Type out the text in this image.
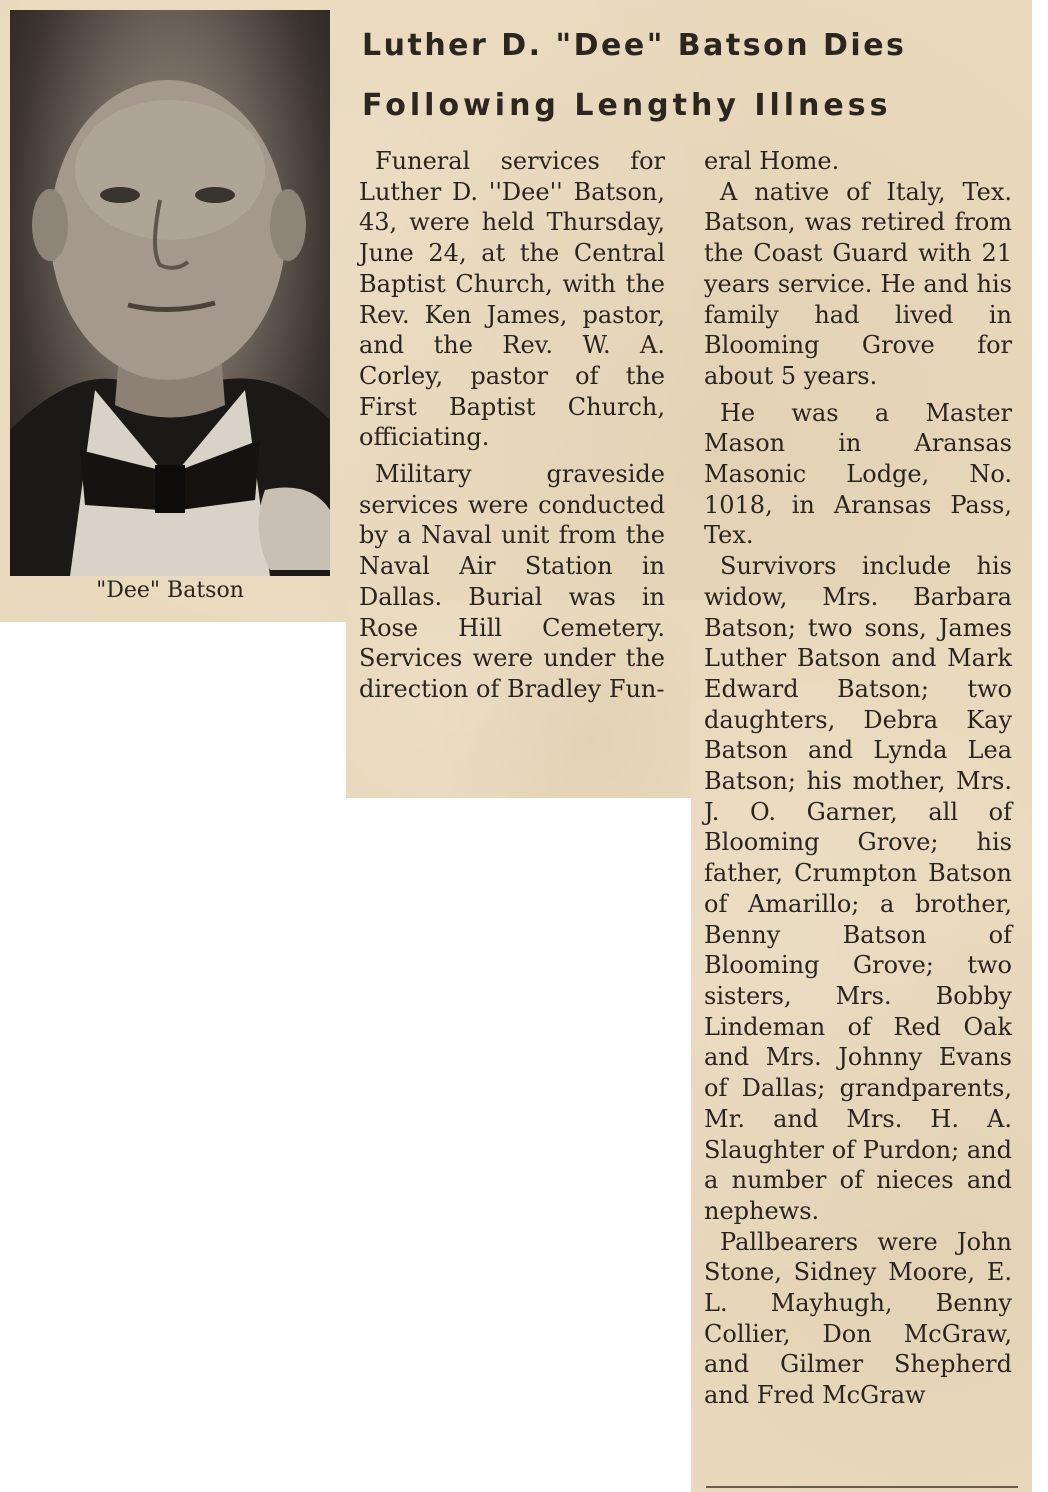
"Dee" Batson
Luther D. "Dee" Batson Dies
Following Lengthy Illness

Funeral services for Luther D. ''Dee'' Batson, 43, were held Thursday, June 24, at the Central Baptist Church, with the Rev. Ken James, pastor, and the Rev. W. A. Corley, pastor of the First Baptist Church, officiating.

Military graveside services were conducted by a Naval unit from the Naval Air Station in Dallas. Burial was in Rose Hill Cemetery. Services were under the direction of Bradley Fun-

eral Home.

A native of Italy, Tex. Batson, was retired from the Coast Guard with 21 years service. He and his family had lived in Blooming Grove for about 5 years.

He was a Master Mason in Aransas Masonic Lodge, No. 1018, in Aransas Pass, Tex.

Survivors include his widow, Mrs. Barbara Batson; two sons, James Luther Batson and Mark Edward Batson; two daughters, Debra Kay Batson and Lynda Lea Batson; his mother, Mrs. J. O. Garner, all of Blooming Grove; his father, Crumpton Batson of Amarillo; a brother, Benny Batson of Blooming Grove; two sisters, Mrs. Bobby Lindeman of Red Oak and Mrs. Johnny Evans of Dallas; grandparents, Mr. and Mrs. H. A. Slaughter of Purdon; and a number of nieces and nephews.

Pallbearers were John Stone, Sidney Moore, E. L. Mayhugh, Benny Collier, Don McGraw, and Gilmer Shepherd and Fred McGraw
